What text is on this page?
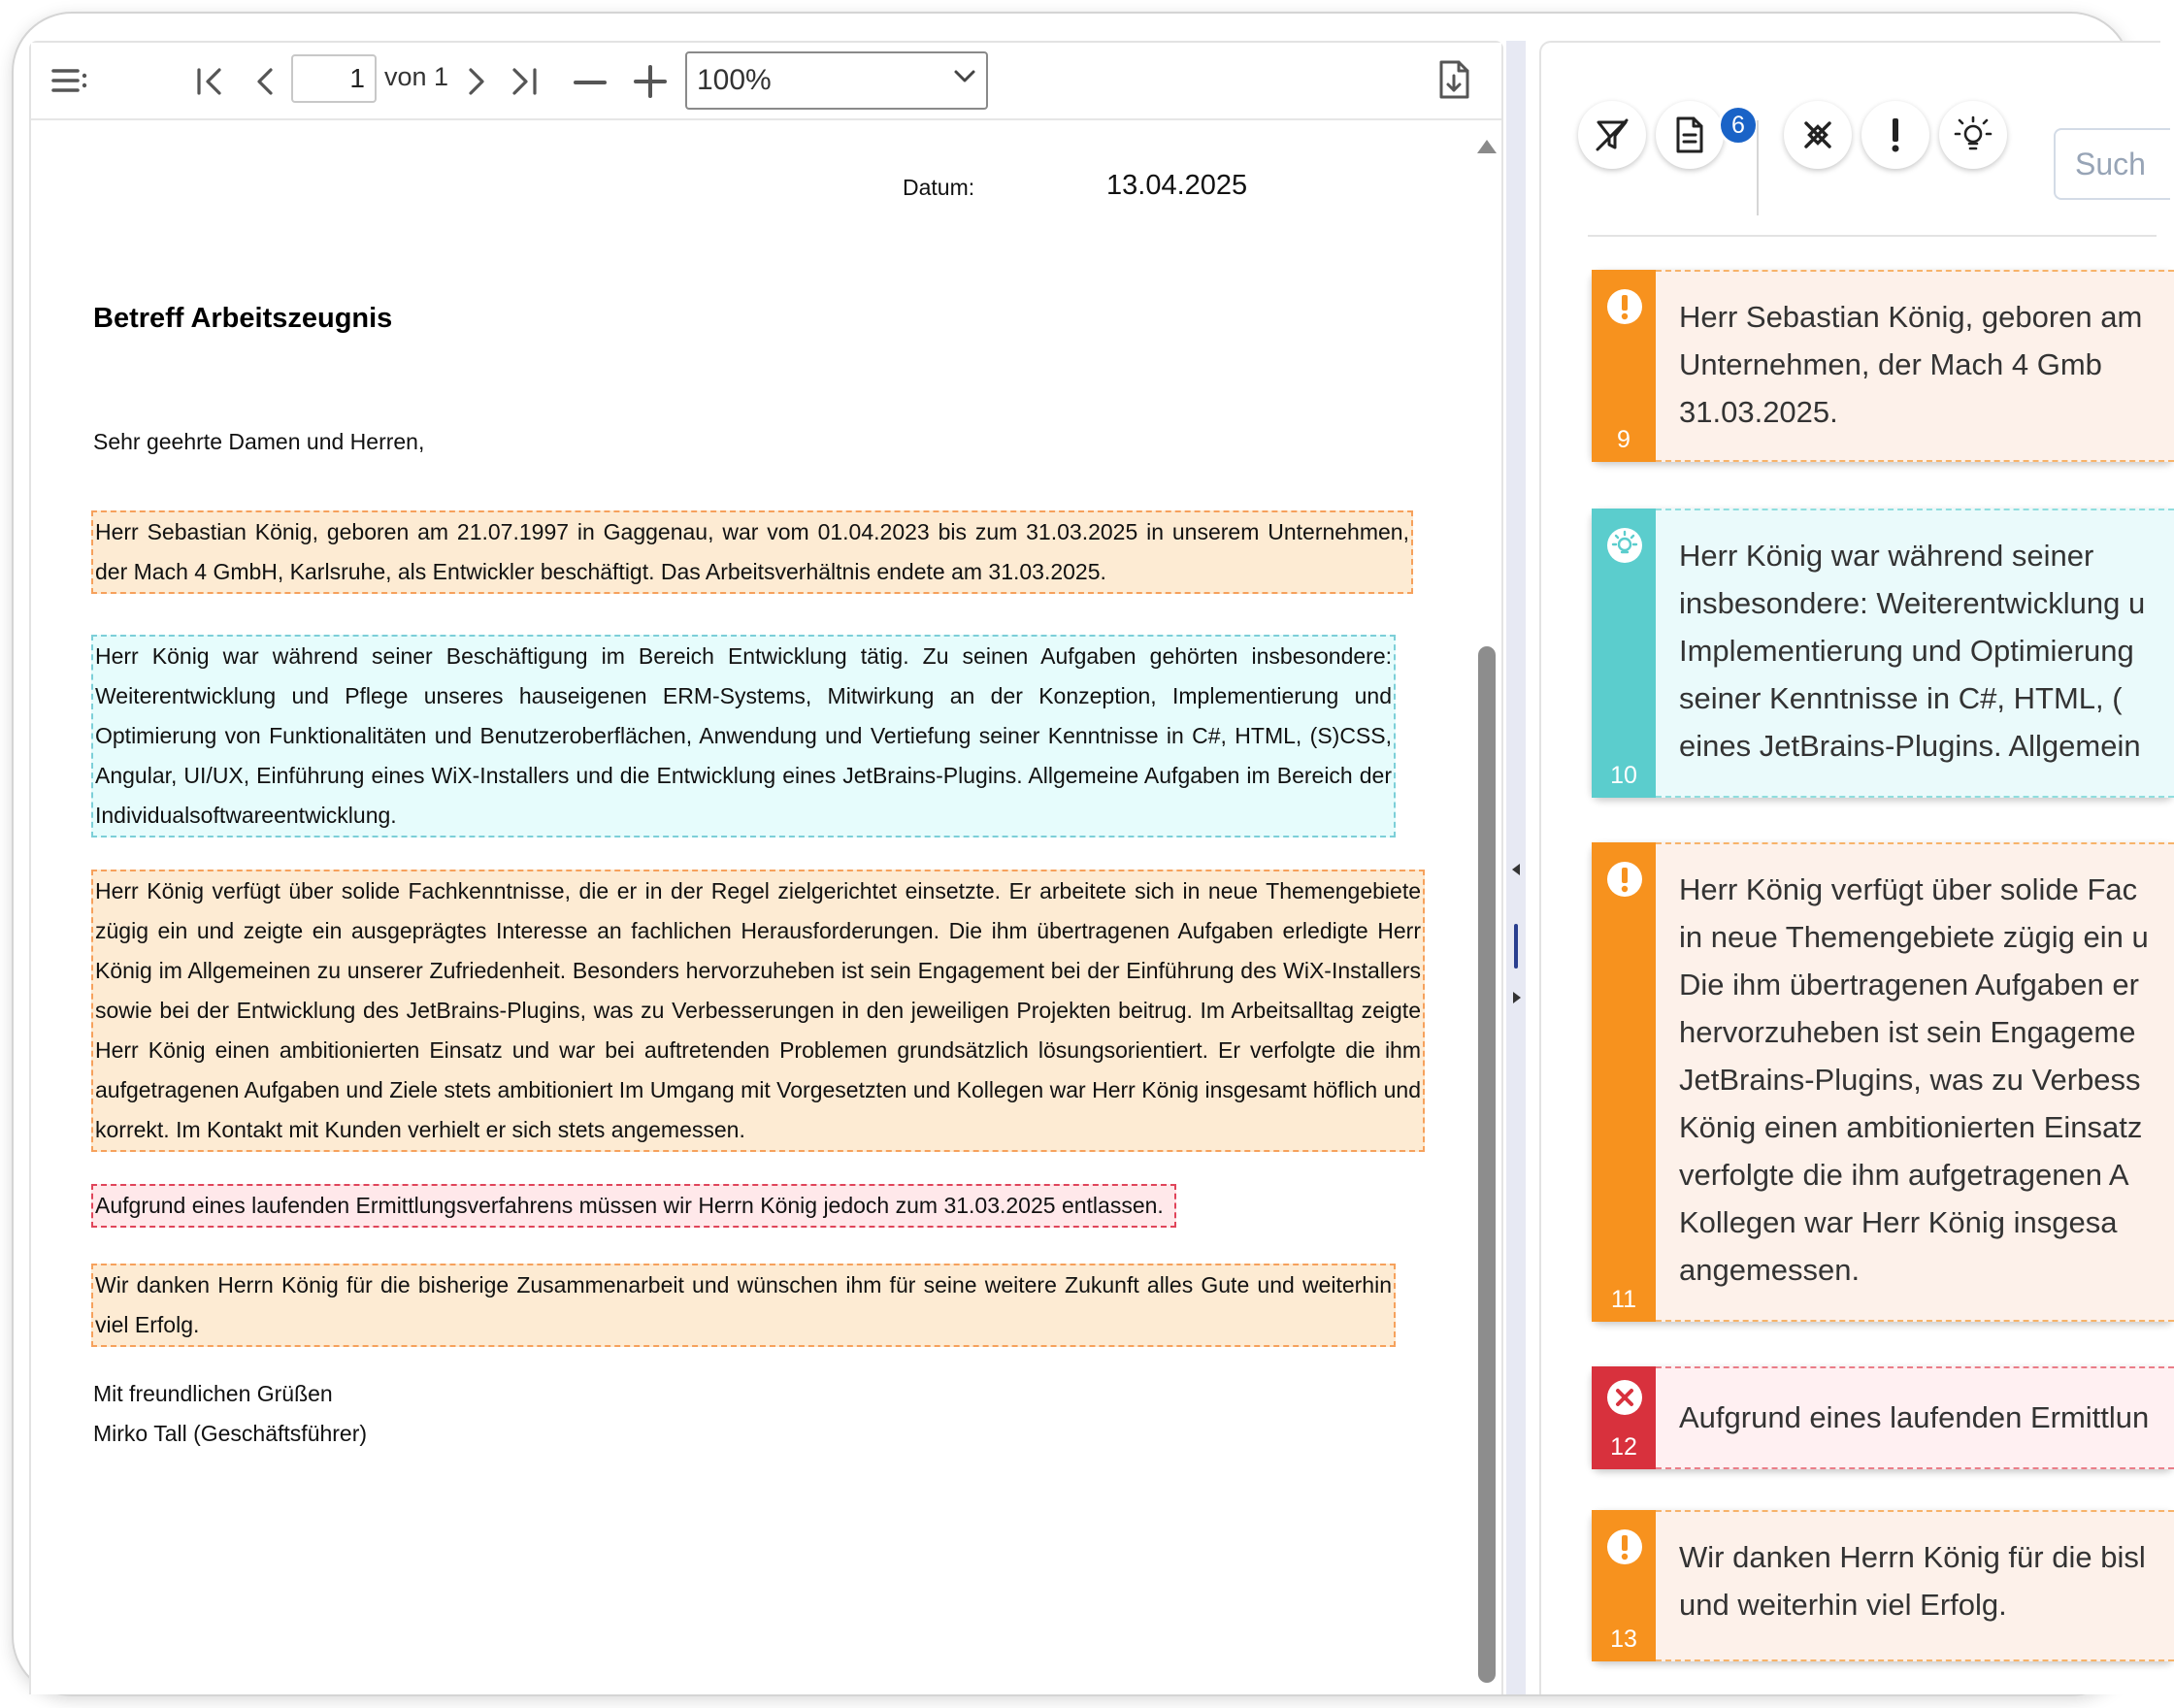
1
von 1	100%
Datum:	13.04.2025
Betreff Arbeitszeugnis
Sehr geehrte Damen und Herren,
Herr Sebastian König, geboren am 21.07.1997 in Gaggenau, war vom 01.04.2023 bis zum 31.03.2025 in unserem Unternehmen, der Mach 4 GmbH, Karlsruhe, als Entwickler beschäftigt. Das Arbeitsverhältnis endete am 31.03.2025.
Herr König war während seiner Beschäftigung im Bereich Entwicklung tätig. Zu seinen Aufgaben gehörten insbesondere: Weiterentwicklung und Pflege unseres hauseigenen ERM-Systems, Mitwirkung an der Konzeption, Implementierung und Optimierung von Funktionalitäten und Benutzeroberflächen, Anwendung und Vertiefung seiner Kenntnisse in C#, HTML, (S)CSS, Angular, UI/UX, Einführung eines WiX-Installers und die Entwicklung eines JetBrains-Plugins. Allgemeine Aufgaben im Bereich der Individualsoftwareentwicklung.
Herr König verfügt über solide Fachkenntnisse, die er in der Regel zielgerichtet einsetzte. Er arbeitete sich in neue Themengebiete zügig ein und zeigte ein ausgeprägtes Interesse an fachlichen Herausforderungen. Die ihm übertragenen Aufgaben erledigte Herr König im Allgemeinen zu unserer Zufriedenheit. Besonders hervorzuheben ist sein Engagement bei der Einführung des WiX-Installers sowie bei der Entwicklung des JetBrains-Plugins, was zu Verbesserungen in den jeweiligen Projekten beitrug. Im Arbeitsalltag zeigte Herr König einen ambitionierten Einsatz und war bei auftretenden Problemen grundsätzlich lösungsorientiert. Er verfolgte die ihm aufgetragenen Aufgaben und Ziele stets ambitioniert Im Umgang mit Vorgesetzten und Kollegen war Herr König insgesamt höflich und korrekt. Im Kontakt mit Kunden verhielt er sich stets angemessen.
Aufgrund eines laufenden Ermittlungsverfahrens müssen wir Herrn König jedoch zum 31.03.2025 entlassen.
Wir danken Herrn König für die bisherige Zusammenarbeit und wünschen ihm für seine weitere Zukunft alles Gute und weiterhin viel Erfolg.
Mit freundlichen Grüßen
Mirko Tall (Geschäftsführer)
6
Such
9
Herr Sebastian König, geboren am
Unternehmen, der Mach 4 Gmb
31.03.2025.
10
Herr König war während seiner
insbesondere: Weiterentwicklung u
Implementierung und Optimierung
seiner Kenntnisse in C#, HTML, (
eines JetBrains-Plugins. Allgemein
11
Herr König verfügt über solide Fac
in neue Themengebiete zügig ein u
Die ihm übertragenen Aufgaben er
hervorzuheben ist sein Engageme
JetBrains-Plugins, was zu Verbess
König einen ambitionierten Einsatz
verfolgte die ihm aufgetragenen A
Kollegen war Herr König insgesa
angemessen.
12
Aufgrund eines laufenden Ermittlun
13
Wir danken Herrn König für die bisl
und weiterhin viel Erfolg.
